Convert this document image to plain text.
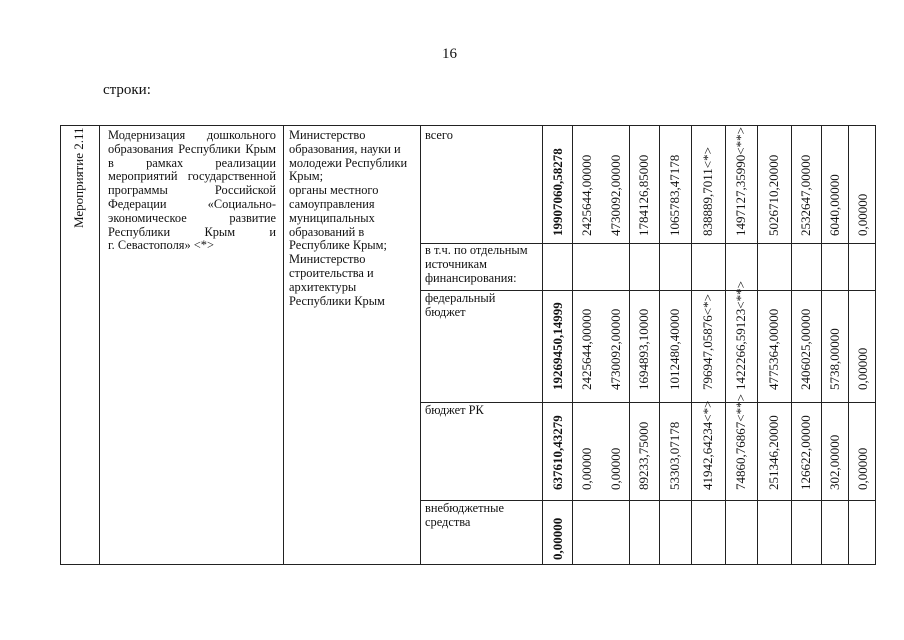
16
строки:
Мероприятие 2.11 Модернизация дошкольного
образования Республики Крым
в рамках реализации
мероприятий государственной
программы Российской
Федерации «Социально-
экономическое развитие
Республики Крым и
г. Севастополя» <*>
Министерство
образования, науки и
молодежи Республики
Крым;
органы местного
самоуправления
муниципальных
образований в
Республике Крым;
Министерство
строительства и
архитектуры
Республики Крым
всего
в т.ч. по отдельным
источникам
финансирования:
федеральный
бюджет
бюджет РК
внебюджетные
средства
19907060,58278 2425644,00000 4730092,00000 1784126,85000 1065783,47178 838889,7011<*> 1497127,35990<**> 5026710,20000 2532647,00000 6040,00000 0,00000
19269450,14999 2425644,00000 4730092,00000 1694893,10000 1012480,40000 796947,05876<*> 1422266,59123<**> 4775364,00000 2406025,00000 5738,00000 0,00000
637610,43279 0,00000 0,00000 89233,75000 53303,07178 41942,64234<*> 74860,76867<**> 251346,20000 126622,00000 302,00000 0,00000
0,00000
